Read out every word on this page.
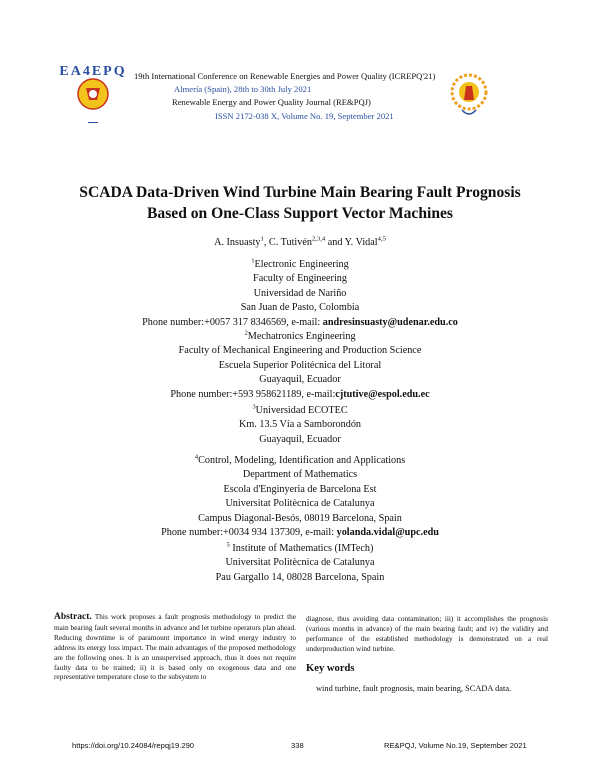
EA4EPQ 19th International Conference on Renewable Energies and Power Quality (ICREPQ'21)
Almería (Spain), 28th to 30th July 2021
Renewable Energy and Power Quality Journal (RE&PQJ)
ISSN 2172-038 X, Volume No. 19, September 2021
SCADA Data-Driven Wind Turbine Main Bearing Fault Prognosis
Based on One-Class Support Vector Machines
A. Insuasty$^1$, C. Tutivén$^{2,3,4}$ and Y. Vidal$^{4,5}$
$^1$Electronic Engineering
Faculty of Engineering
Universidad de Nariño
San Juan de Pasto, Colombia
Phone number:+0057 317 8346569, e-mail: andresinsuasty@udenar.edu.co
$^2$Mechatronics Engineering
Faculty of Mechanical Engineering and Production Science
Escuela Superior Politécnica del Litoral
Guayaquil, Ecuador
Phone number:+593 958621189, e-mail:cjtutive@espol.edu.ec
$^3$Universidad ECOTEC
Km. 13.5 Vía a Samborondón
Guayaquil, Ecuador
$^4$Control, Modeling, Identification and Applications
Department of Mathematics
Escola d'Enginyeria de Barcelona Est
Universitat Politècnica de Catalunya
Campus Diagonal-Besós, 08019 Barcelona, Spain
Phone number:+0034 934 137309, e-mail: yolanda.vidal@upc.edu
$^5$ Institute of Mathematics (IMTech)
Universitat Politècnica de Catalunya
Pau Gargallo 14, 08028 Barcelona, Spain
Abstract. This work proposes a fault prognosis methodology to predict the main bearing fault several months in advance and let turbine operators plan ahead. Reducing downtime is of paramount importance in wind energy industry to address its energy loss impact. The main advantages of the proposed methodology are the following ones. It is an unsupervised approach, thus it does not require faulty data to be trained; ii) it is based only on exogenous data and one representative temperature close to the subsystem to
diagnose, thus avoiding data contamination; iii) it accomplishes the prognosis (various months in advance) of the main bearing fault; and iv) the validity and performance of the established methodology is demonstrated on a real underproduction wind turbine.
Key words
wind turbine, fault prognosis, main bearing, SCADA data.
https://doi.org/10.24084/repqj19.290	338	RE&PQJ, Volume No.19, September 2021
